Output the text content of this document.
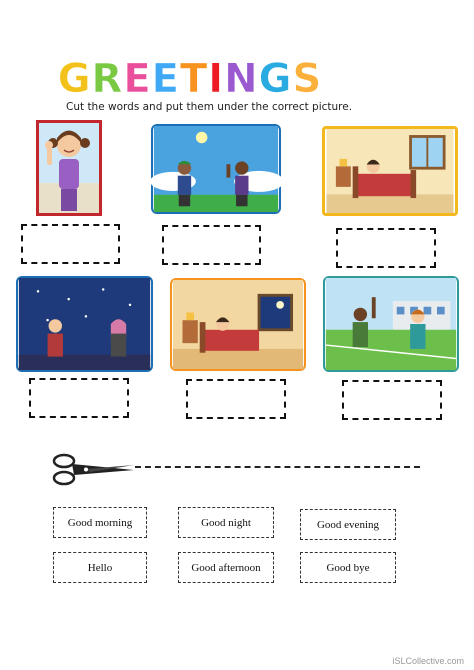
GREETINGS
Cut the words and put them under the correct picture.
Good morning	Good night	Good evening
Hello	Good afternoon	Good bye
iSLCollective.com
